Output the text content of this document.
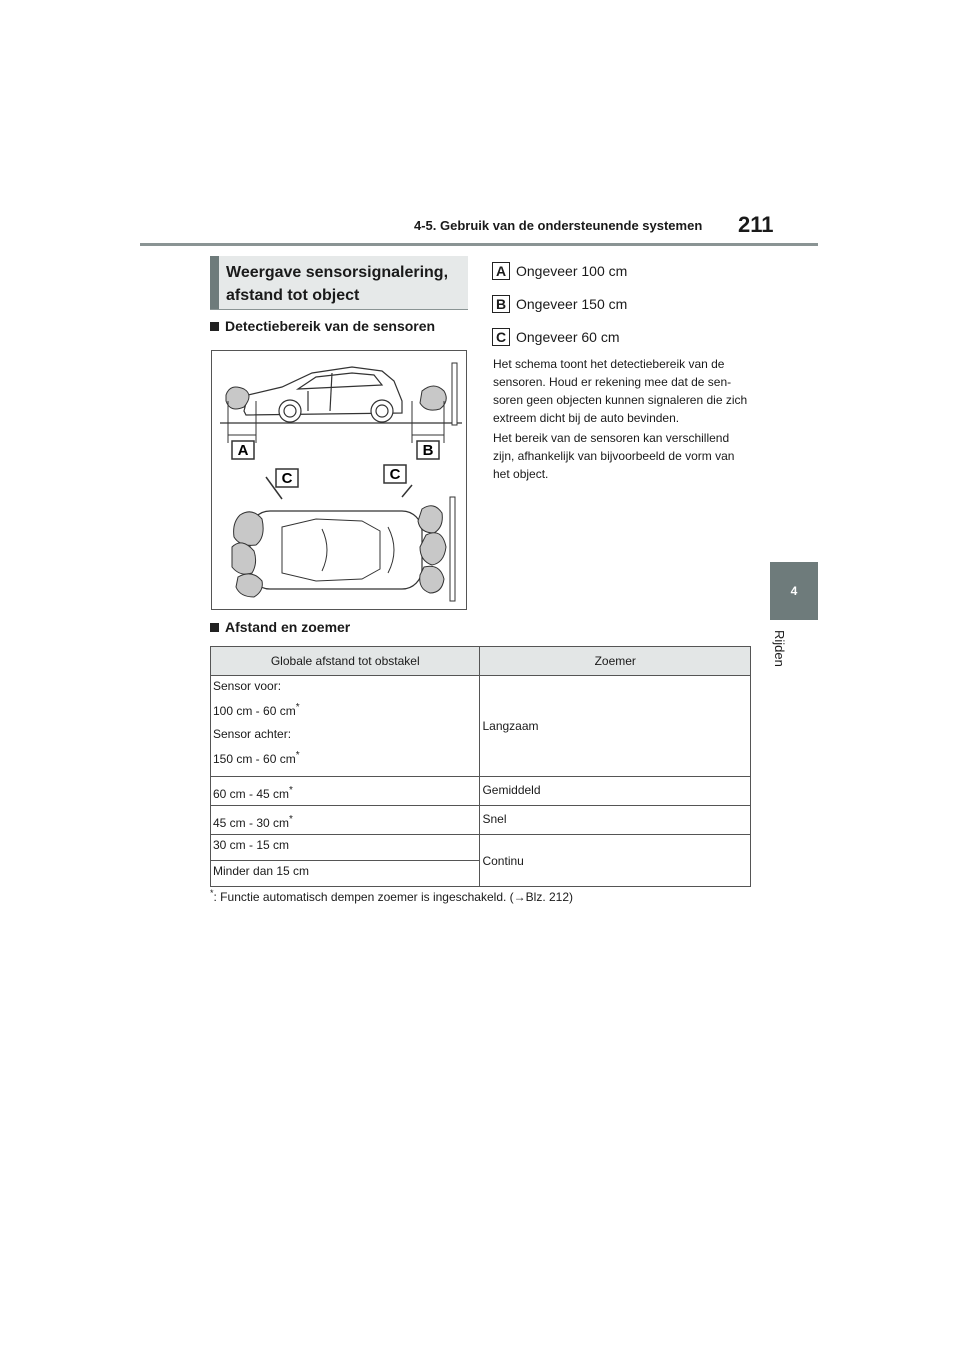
4-5. Gebruik van de ondersteunende systemen 211
4
Rijden
Weergave sensorsignalering, afstand tot object
Detectiebereik van de sensoren
A	B
C	C
Afstand en zoemer
A Ongeveer 100 cm
B Ongeveer 150 cm
C Ongeveer 60 cm
Het schema toont het detectiebereik van de sensoren. Houd er rekening mee dat de sen- soren geen objecten kunnen signaleren die zich extreem dicht bij de auto bevinden.
Het bereik van de sensoren kan verschillend zijn, afhankelijk van bijvoorbeeld de vorm van het object.
Globale afstand tot obstakel	Zoemer

Sensor voor:

100 cm - 60 cm*

Sensor achter:

150 cm - 60 cm*	Langzaam
60 cm - 45 cm*	Gemiddeld
45 cm - 30 cm*	Snel
30 cm - 15 cm	Continu
Minder dan 15 cm	
*: Functie automatisch dempen zoemer is ingeschakeld. (→Blz. 212)
